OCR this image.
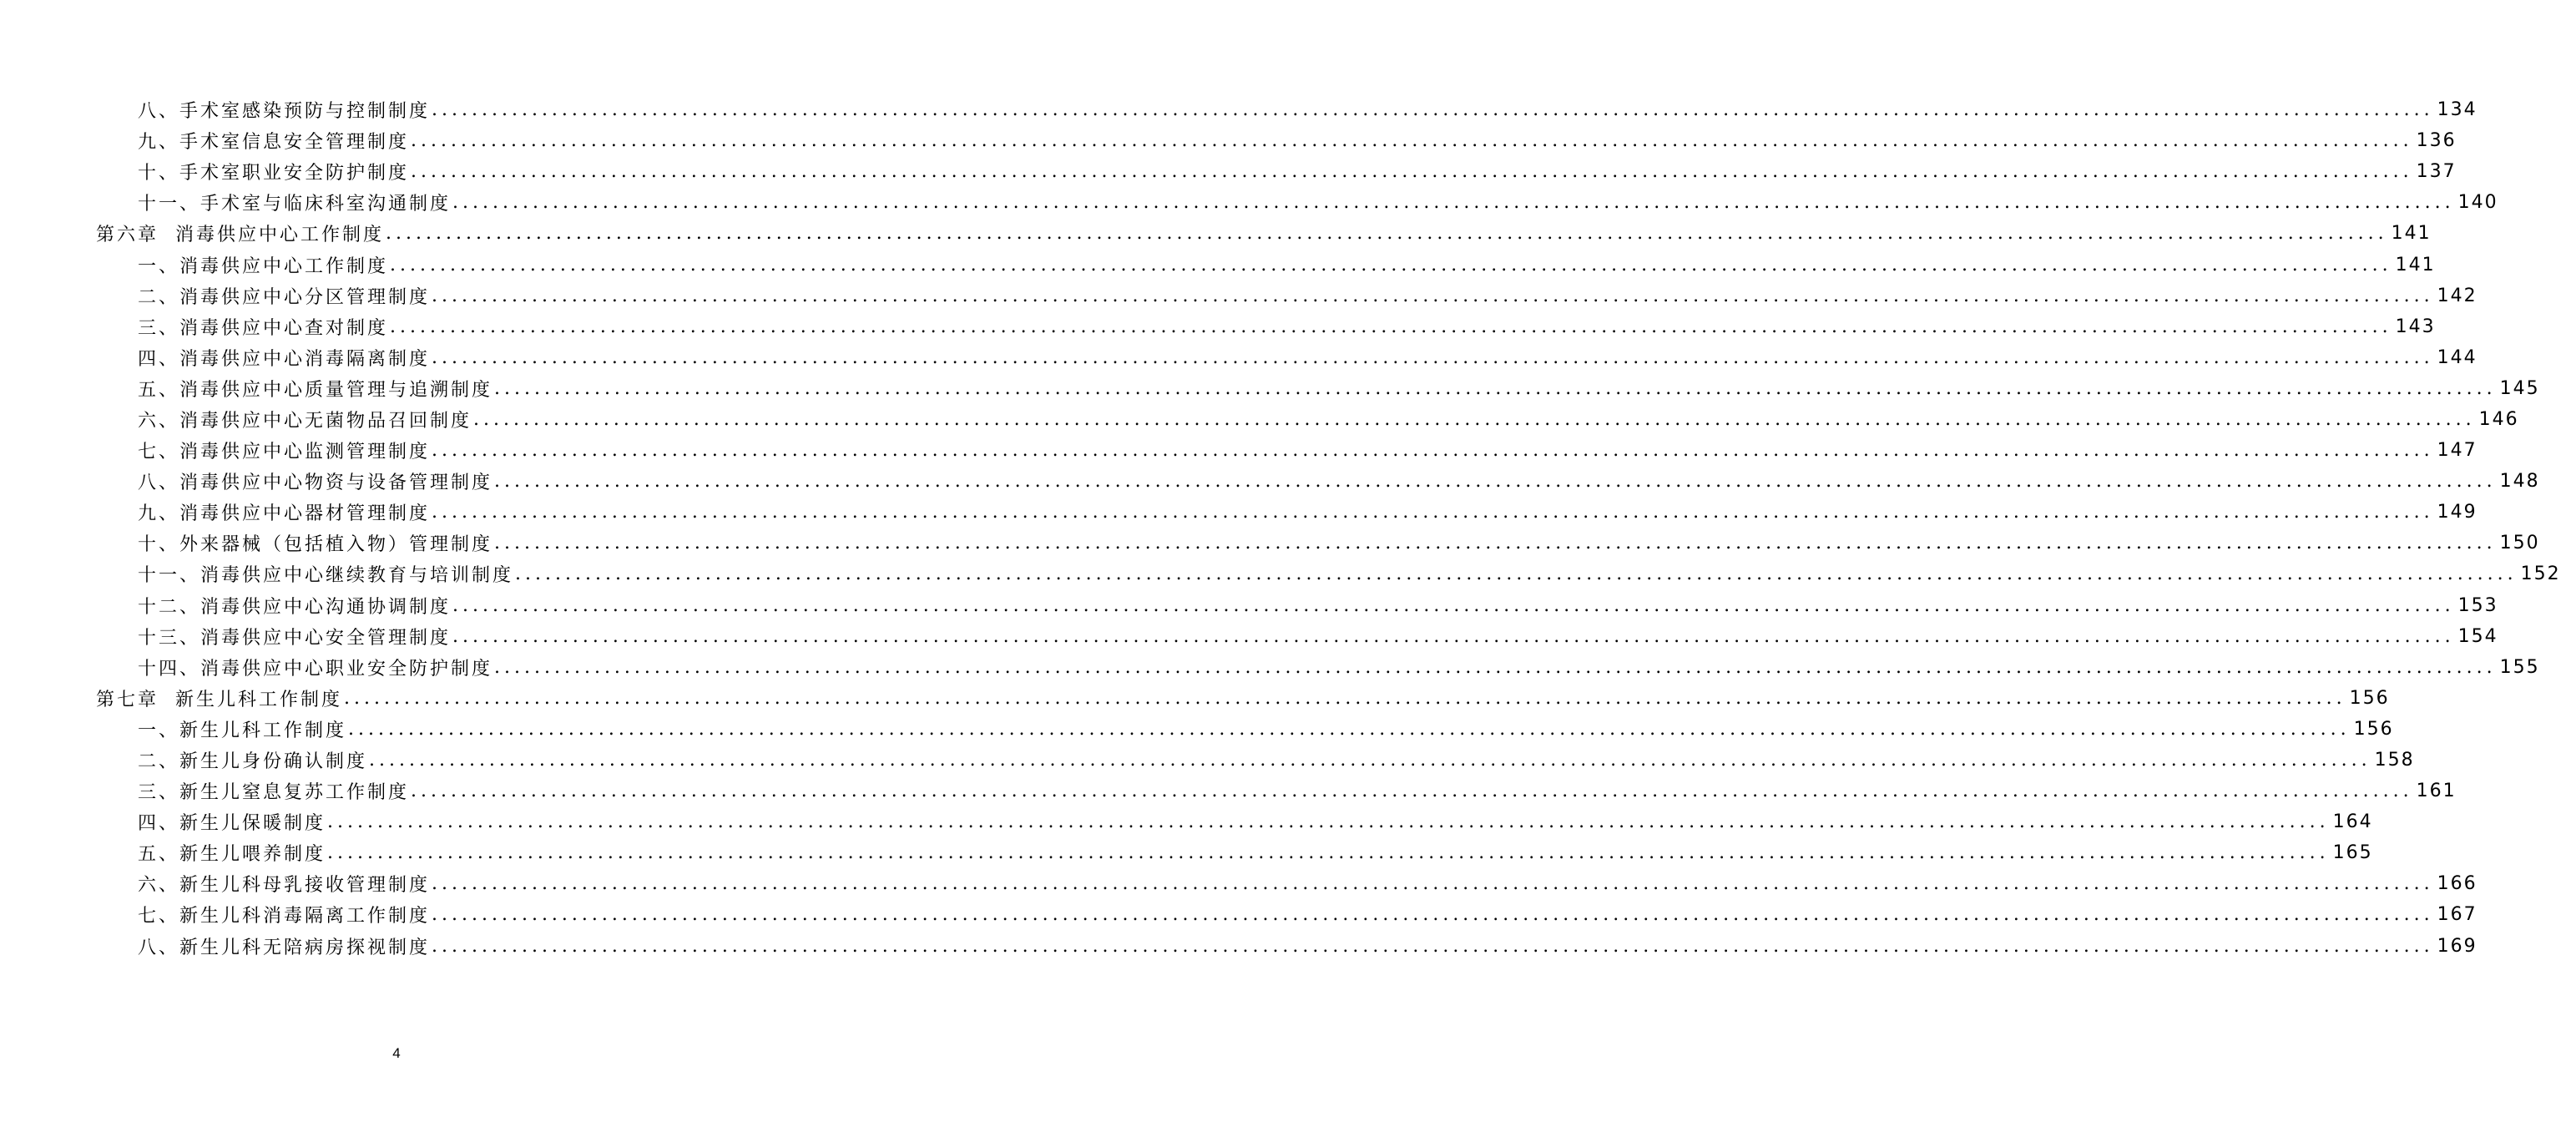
八、手术室感染预防与控制制度 ........................................................................................................................................................................................................ 134
九、手术室信息安全管理制度 ........................................................................................................................................................................................................ 136
十、手术室职业安全防护制度 ........................................................................................................................................................................................................ 137
十一、手术室与临床科室沟通制度 ........................................................................................................................................................................................................ 140
第六章 消毒供应中心工作制度 ........................................................................................................................................................................................................ 141
一、消毒供应中心工作制度 ........................................................................................................................................................................................................ 141
二、消毒供应中心分区管理制度 ........................................................................................................................................................................................................ 142
三、消毒供应中心查对制度 ........................................................................................................................................................................................................ 143
四、消毒供应中心消毒隔离制度 ........................................................................................................................................................................................................ 144
五、消毒供应中心质量管理与追溯制度 ........................................................................................................................................................................................................ 145
六、消毒供应中心无菌物品召回制度 ........................................................................................................................................................................................................ 146
七、消毒供应中心监测管理制度 ........................................................................................................................................................................................................ 147
八、消毒供应中心物资与设备管理制度 ........................................................................................................................................................................................................ 148
九、消毒供应中心器材管理制度 ........................................................................................................................................................................................................ 149
十、外来器械（包括植入物）管理制度 ........................................................................................................................................................................................................ 150
十一、消毒供应中心继续教育与培训制度 ........................................................................................................................................................................................................ 152
十二、消毒供应中心沟通协调制度 ........................................................................................................................................................................................................ 153
十三、消毒供应中心安全管理制度 ........................................................................................................................................................................................................ 154
十四、消毒供应中心职业安全防护制度 ........................................................................................................................................................................................................ 155
第七章 新生儿科工作制度 ........................................................................................................................................................................................................ 156
一、新生儿科工作制度 ........................................................................................................................................................................................................ 156
二、新生儿身份确认制度 ........................................................................................................................................................................................................ 158
三、新生儿窒息复苏工作制度 ........................................................................................................................................................................................................ 161
四、新生儿保暖制度 ........................................................................................................................................................................................................ 164
五、新生儿喂养制度 ........................................................................................................................................................................................................ 165
六、新生儿科母乳接收管理制度 ........................................................................................................................................................................................................ 166
七、新生儿科消毒隔离工作制度 ........................................................................................................................................................................................................ 167
八、新生儿科无陪病房探视制度 ........................................................................................................................................................................................................ 169
4
